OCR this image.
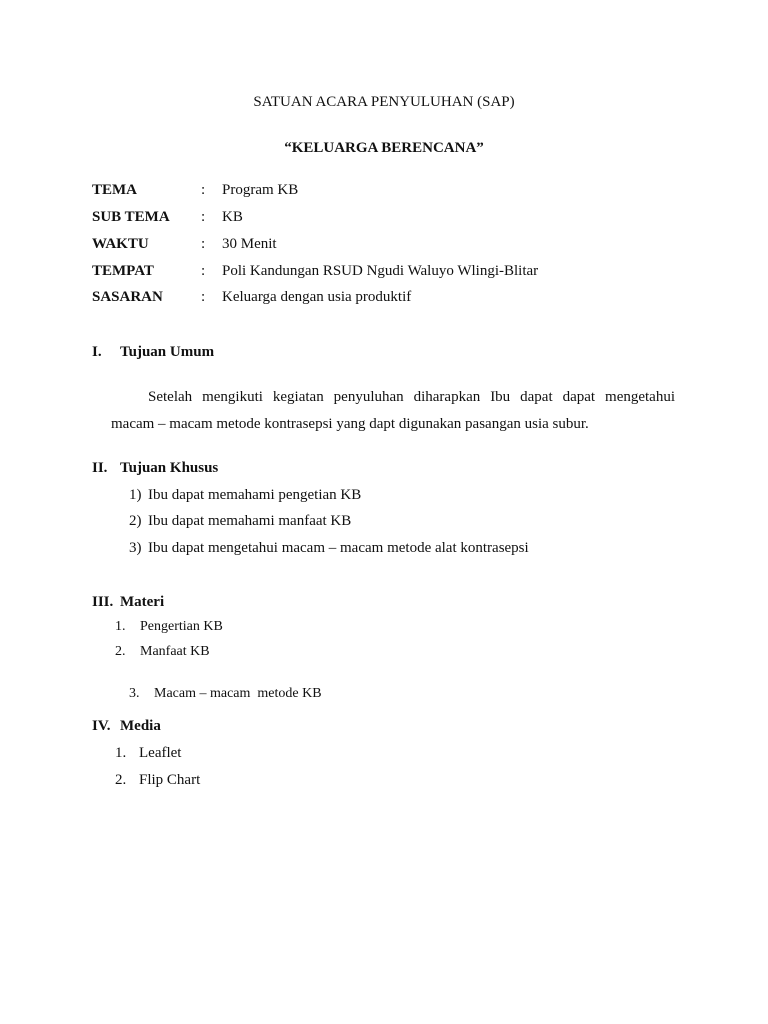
SATUAN ACARA PENYULUHAN (SAP)
“KELUARGA BERENCANA”
TEMA	: Program KB
SUB TEMA : KB
WAKTU	: 30 Menit
TEMPAT	: Poli Kandungan RSUD Ngudi Waluyo Wlingi-Blitar
SASARAN	: Keluarga dengan usia produktif
I. Tujuan Umum
Setelah mengikuti kegiatan penyuluhan diharapkan Ibu dapat dapat mengetahui
macam – macam metode kontrasepsi yang dapt digunakan pasangan usia subur.
II. Tujuan Khusus
1) Ibu dapat memahami pengetian KB
2) Ibu dapat memahami manfaat KB
3) Ibu dapat mengetahui macam – macam metode alat kontrasepsi
III. Materi
1. Pengertian KB
2. Manfaat KB

3. Macam – macam  metode KB

IV. Media
1. Leaflet
2. Flip Chart
